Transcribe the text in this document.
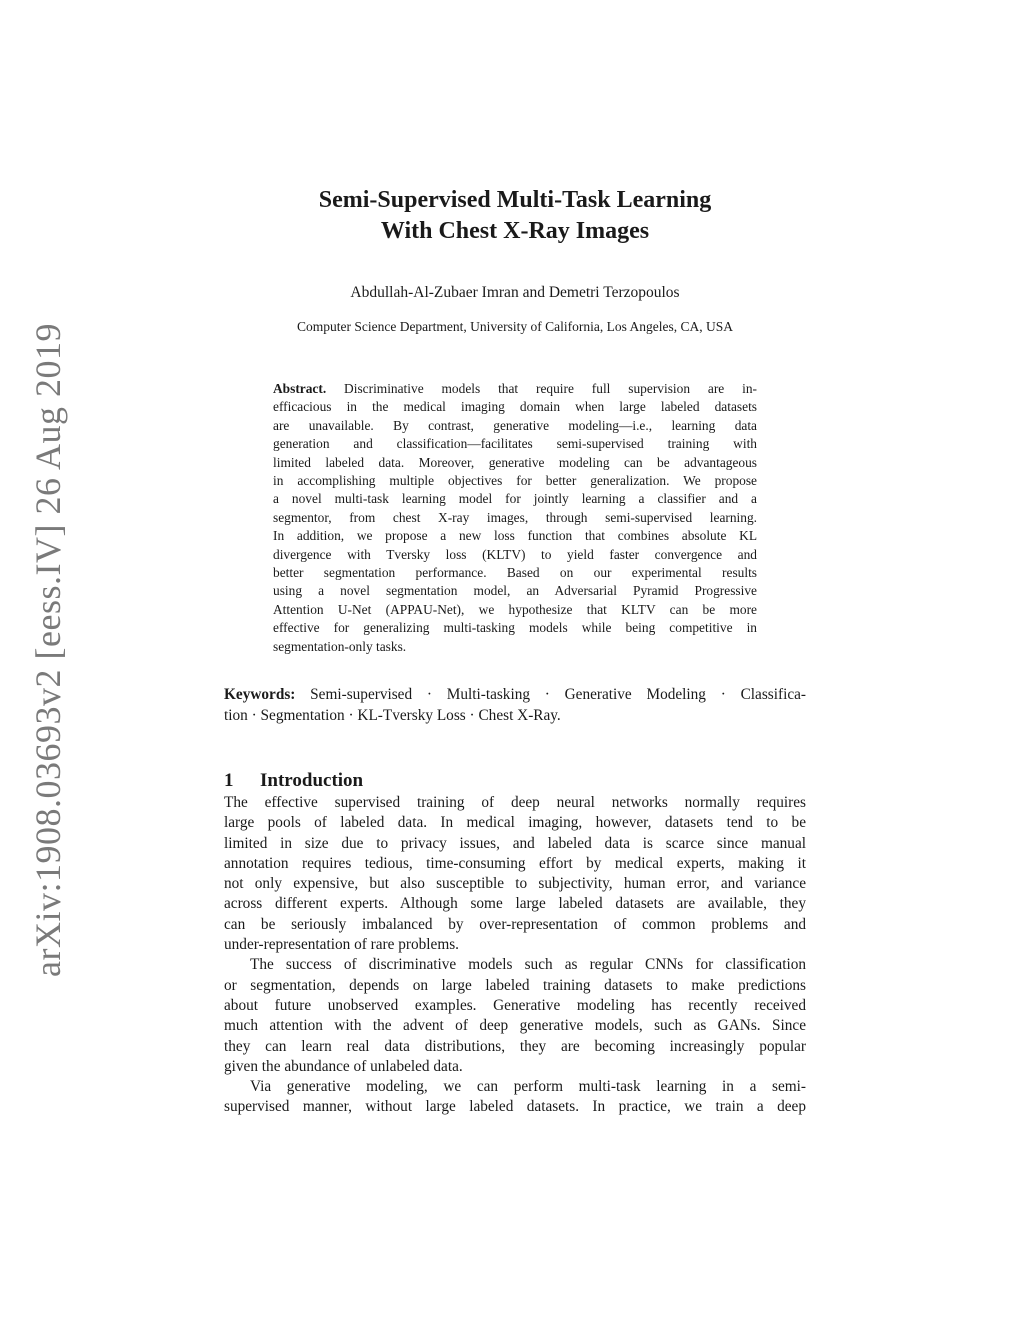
arXiv:1908.03693v2 [eess.IV] 26 Aug 2019
Semi-Supervised Multi-Task Learning
With Chest X-Ray Images
Abdullah-Al-Zubaer Imran and Demetri Terzopoulos
Computer Science Department, University of California, Los Angeles, CA, USA
Abstract. Discriminative models that require full supervision are in-
efficacious in the medical imaging domain when large labeled datasets
are unavailable. By contrast, generative modeling—i.e., learning data
generation and classification—facilitates semi-supervised training with
limited labeled data. Moreover, generative modeling can be advantageous
in accomplishing multiple objectives for better generalization. We propose
a novel multi-task learning model for jointly learning a classifier and a
segmentor, from chest X-ray images, through semi-supervised learning.
In addition, we propose a new loss function that combines absolute KL
divergence with Tversky loss (KLTV) to yield faster convergence and
better segmentation performance. Based on our experimental results
using a novel segmentation model, an Adversarial Pyramid Progressive
Attention U-Net (APPAU-Net), we hypothesize that KLTV can be more
effective for generalizing multi-tasking models while being competitive in
segmentation-only tasks.
Keywords: Semi-supervised · Multi-tasking · Generative Modeling · Classifica-
tion · Segmentation · KL-Tversky Loss · Chest X-Ray.
1 Introduction

The effective supervised training of deep neural networks normally requires
large pools of labeled data. In medical imaging, however, datasets tend to be
limited in size due to privacy issues, and labeled data is scarce since manual
annotation requires tedious, time-consuming effort by medical experts, making it
not only expensive, but also susceptible to subjectivity, human error, and variance
across different experts. Although some large labeled datasets are available, they
can be seriously imbalanced by over-representation of common problems and
under-representation of rare problems.

The success of discriminative models such as regular CNNs for classification
or segmentation, depends on large labeled training datasets to make predictions
about future unobserved examples. Generative modeling has recently received
much attention with the advent of deep generative models, such as GANs. Since
they can learn real data distributions, they are becoming increasingly popular
given the abundance of unlabeled data.

Via generative modeling, we can perform multi-task learning in a semi-
supervised manner, without large labeled datasets. In practice, we train a deep
